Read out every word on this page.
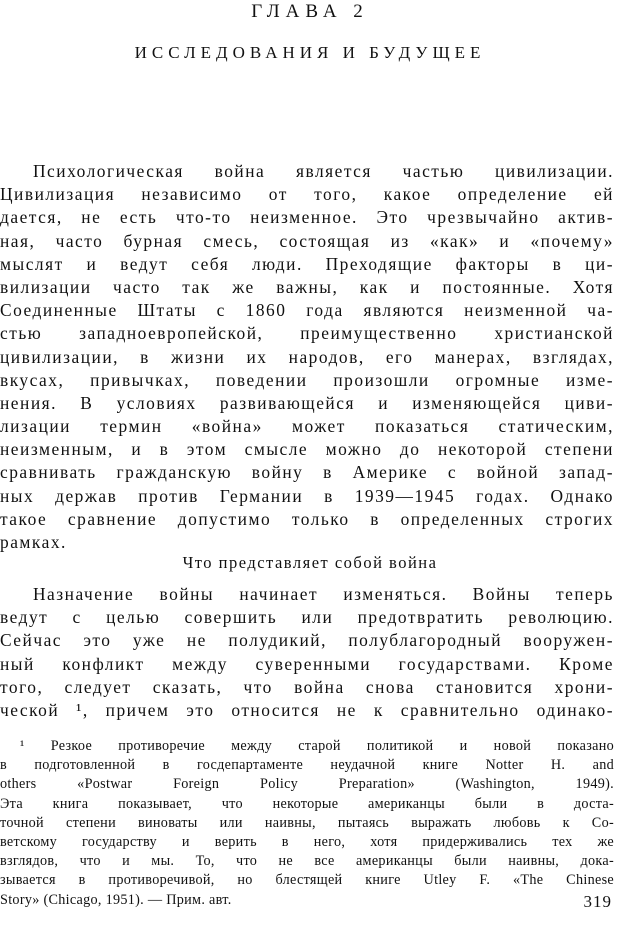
ГЛАВА 2
ИССЛЕДОВАНИЯ И БУДУЩЕЕ
Психологическая война является частью цивилизации.
Цивилизация независимо от того, какое определение ей
дается, не есть что-то неизменное. Это чрезвычайно актив-
ная, часто бурная смесь, состоящая из «как» и «почему»
мыслят и ведут себя люди. Преходящие факторы в ци-
вилизации часто так же важны, как и постоянные. Хотя
Соединенные Штаты с 1860 года являются неизменной ча-
стью западноевропейской, преимущественно христианской
цивилизации, в жизни их народов, его манерах, взглядах,
вкусах, привычках, поведении произошли огромные изме-
нения. В условиях развивающейся и изменяющейся циви-
лизации термин «война» может показаться статическим,
неизменным, и в этом смысле можно до некоторой степени
сравнивать гражданскую войну в Америке с войной запад-
ных держав против Германии в 1939—1945 годах. Однако
такое сравнение допустимо только в определенных строгих
рамках.
Что представляет собой война
Назначение войны начинает изменяться. Войны теперь
ведут с целью совершить или предотвратить революцию.
Сейчас это уже не полудикий, полублагородный вооружен-
ный конфликт между суверенными государствами. Кроме
того, следует сказать, что война снова становится хрони-
ческой ¹, причем это относится не к сравнительно одинако-
¹ Резкое противоречие между старой политикой и новой показано
в подготовленной в госдепартаменте неудачной книге Notter H. and
others «Postwar Foreign Policy Preparation» (Washington, 1949).
Эта книга показывает, что некоторые американцы были в доста-
точной степени виноваты или наивны, пытаясь выражать любовь к Со-
ветскому государству и верить в него, хотя придерживались тех же
взглядов, что и мы. То, что не все американцы были наивны, дока-
зывается в противоречивой, но блестящей книге Utley F. «The Chinese
Story» (Chicago, 1951). — Прим. авт.	319
